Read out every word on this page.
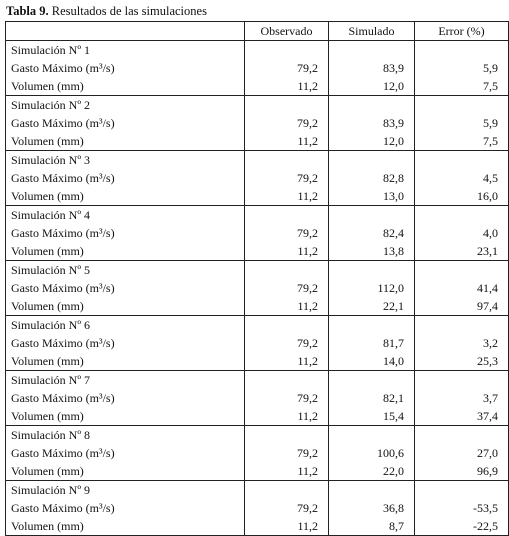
Tabla 9. Resultados de las simulaciones
	Observado	Simulado	Error (%)
Simulación Nº 1			
Gasto Máximo (m³/s)	79,2	83,9	5,9
Volumen (mm)	11,2	12,0	7,5
Simulación Nº 2			
Gasto Máximo (m³/s)	79,2	83,9	5,9
Volumen (mm)	11,2	12,0	7,5
Simulación Nº 3			
Gasto Máximo (m³/s)	79,2	82,8	4,5
Volumen (mm)	11,2	13,0	16,0
Simulación Nº 4			
Gasto Máximo (m³/s)	79,2	82,4	4,0
Volumen (mm)	11,2	13,8	23,1
Simulación Nº 5			
Gasto Máximo (m³/s)	79,2	112,0	41,4
Volumen (mm)	11,2	22,1	97,4
Simulación Nº 6			
Gasto Máximo (m³/s)	79,2	81,7	3,2
Volumen (mm)	11,2	14,0	25,3
Simulación Nº 7			
Gasto Máximo (m³/s)	79,2	82,1	3,7
Volumen (mm)	11,2	15,4	37,4
Simulación Nº 8			
Gasto Máximo (m³/s)	79,2	100,6	27,0
Volumen (mm)	11,2	22,0	96,9
Simulación Nº 9			
Gasto Máximo (m³/s)	79,2	36,8	-53,5
Volumen (mm)	11,2	8,7	-22,5
